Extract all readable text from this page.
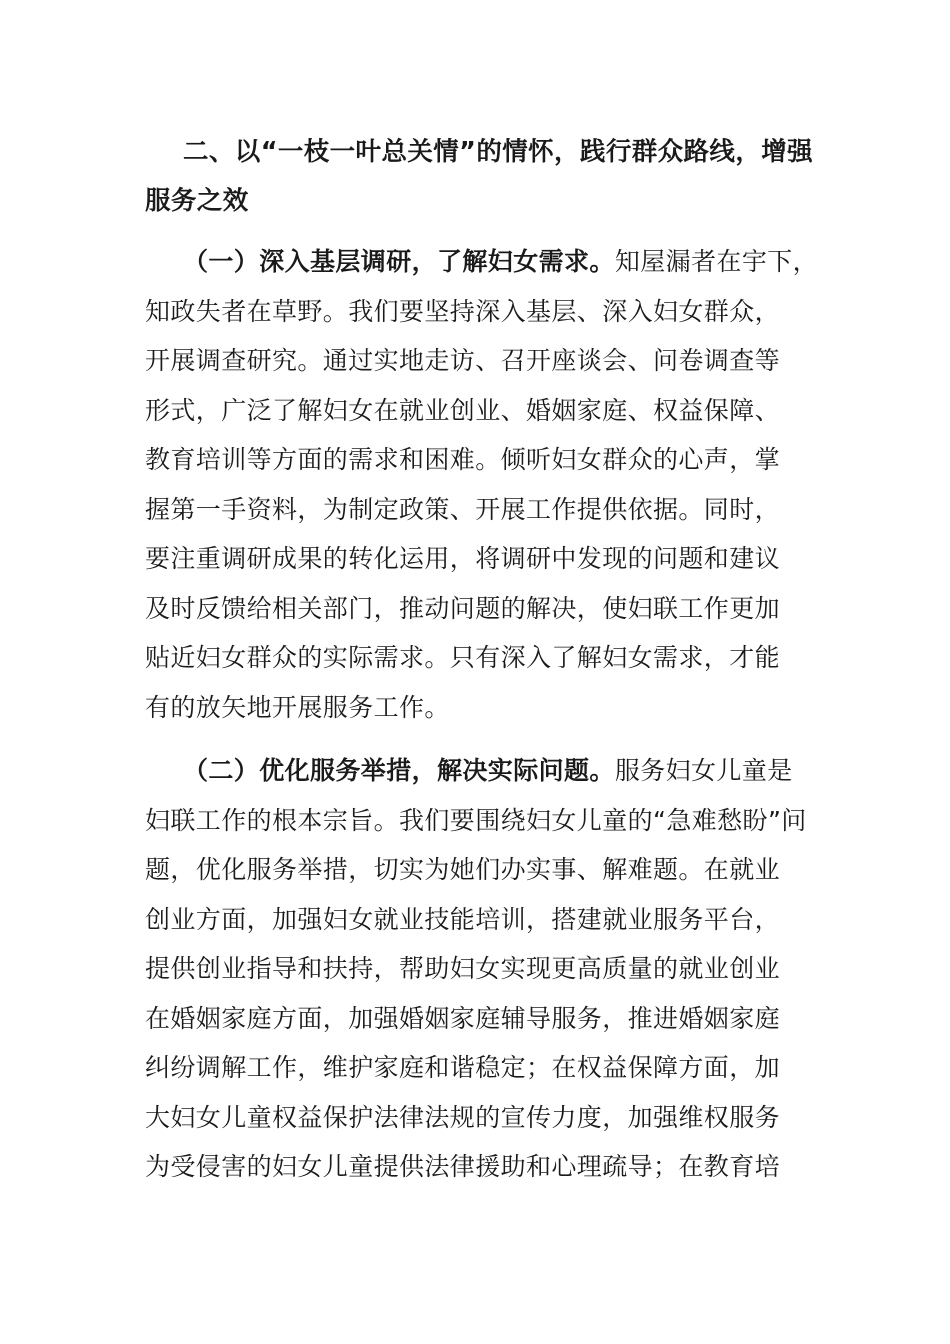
二、以“一枝一叶总关情”的情怀，践行群众路线，增强
服务之效
（一）深入基层调研，了解妇女需求。知屋漏者在宇下，
知政失者在草野。我们要坚持深入基层、深入妇女群众，
开展调查研究。通过实地走访、召开座谈会、问卷调查等
形式，广泛了解妇女在就业创业、婚姻家庭、权益保障、
教育培训等方面的需求和困难。倾听妇女群众的心声，掌
握第一手资料，为制定政策、开展工作提供依据。同时，
要注重调研成果的转化运用，将调研中发现的问题和建议
及时反馈给相关部门，推动问题的解决，使妇联工作更加
贴近妇女群众的实际需求。只有深入了解妇女需求，才能
有的放矢地开展服务工作。
（二）优化服务举措，解决实际问题。服务妇女儿童是
妇联工作的根本宗旨。我们要围绕妇女儿童的“急难愁盼”问
题，优化服务举措，切实为她们办实事、解难题。在就业
创业方面，加强妇女就业技能培训，搭建就业服务平台，
提供创业指导和扶持，帮助妇女实现更高质量的就业创业
在婚姻家庭方面，加强婚姻家庭辅导服务，推进婚姻家庭
纠纷调解工作，维护家庭和谐稳定；在权益保障方面，加
大妇女儿童权益保护法律法规的宣传力度，加强维权服务
为受侵害的妇女儿童提供法律援助和心理疏导；在教育培
